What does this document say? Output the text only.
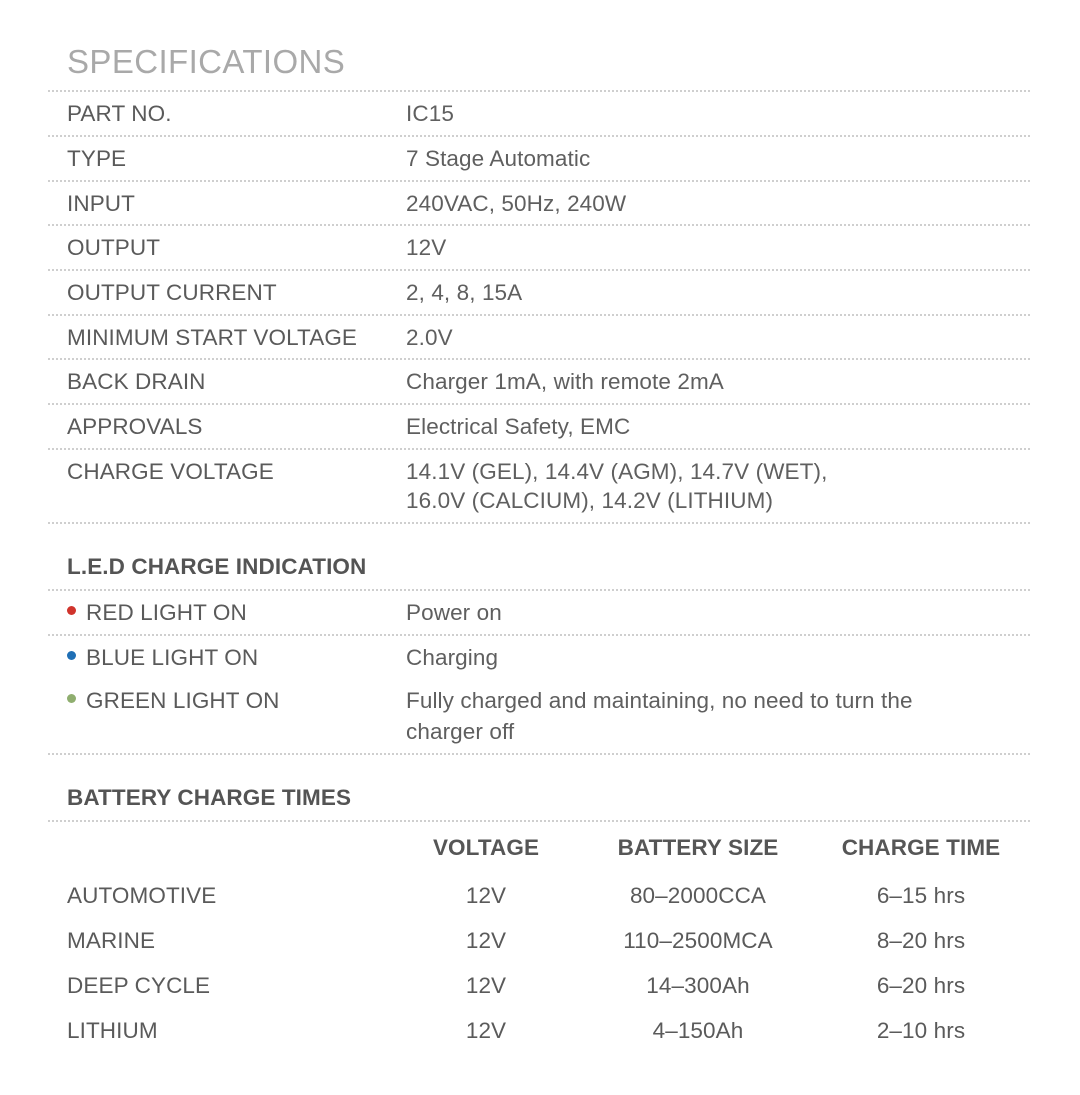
SPECIFICATIONS
PART NO.	IC15
TYPE	7 Stage Automatic
INPUT	240VAC, 50Hz, 240W
OUTPUT	12V
OUTPUT CURRENT	2, 4, 8, 15A
MINIMUM START VOLTAGE	2.0V
BACK DRAIN	Charger 1mA, with remote 2mA
APPROVALS	Electrical Safety, EMC
CHARGE VOLTAGE	14.1V (GEL), 14.4V (AGM), 14.7V (WET),
16.0V (CALCIUM), 14.2V (LITHIUM)
L.E.D CHARGE INDICATION
RED LIGHT ON	Power on
BLUE LIGHT ON	Charging
GREEN LIGHT ON	Fully charged and maintaining, no need to turn the charger off
BATTERY CHARGE TIMES
	VOLTAGE	BATTERY SIZE	CHARGE TIME
AUTOMOTIVE	12V	80–2000CCA	6–15 hrs
MARINE	12V	110–2500MCA	8–20 hrs
DEEP CYCLE	12V	14–300Ah	6–20 hrs
LITHIUM	12V	4–150Ah	2–10 hrs
